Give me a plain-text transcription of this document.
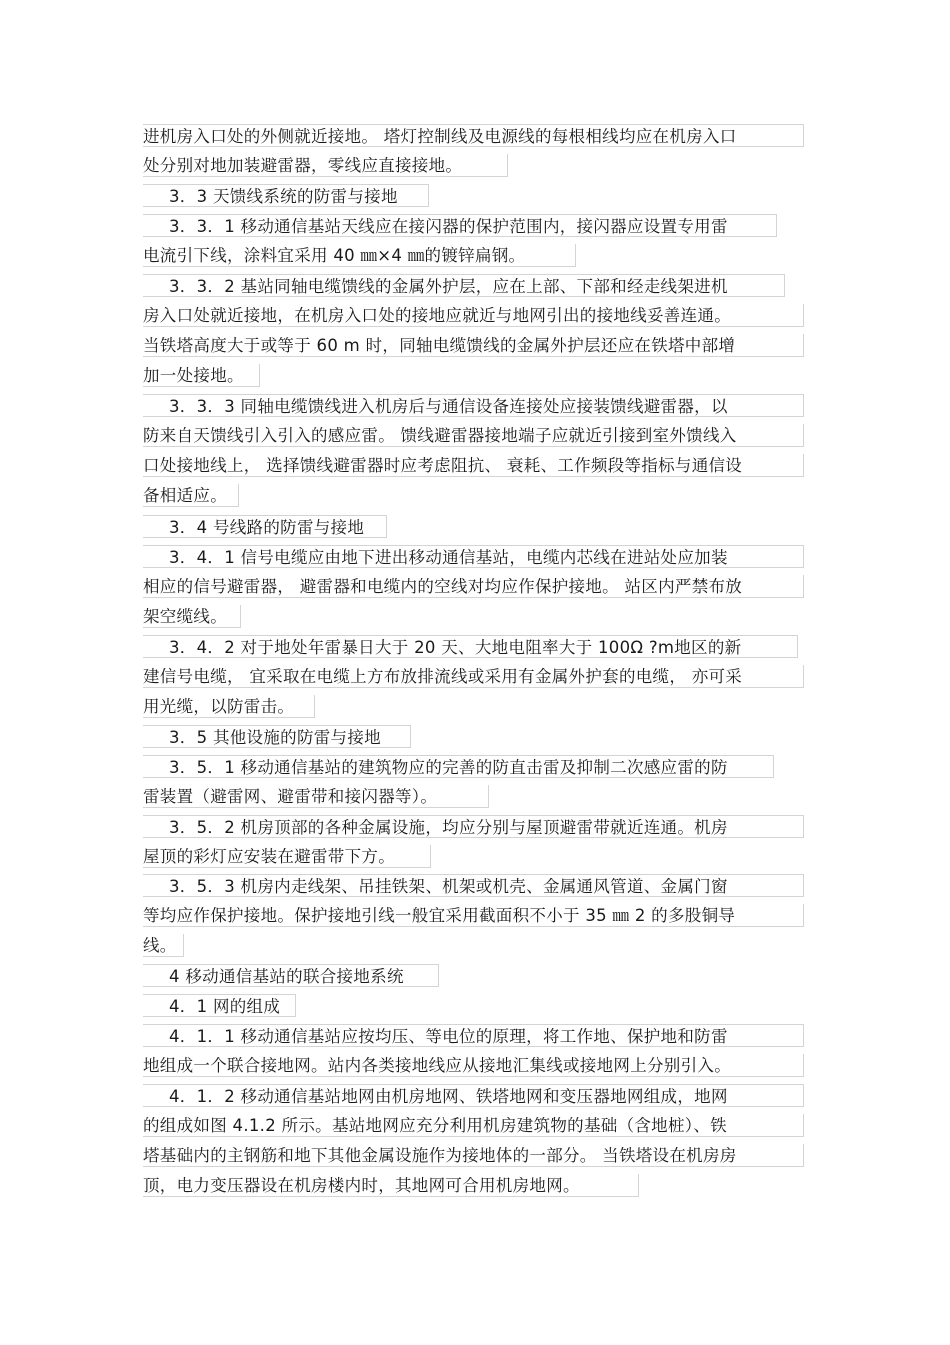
进机房入口处的外侧就近接地。 塔灯控制线及电源线的每根相线均应在机房入口
处分别对地加装避雷器，零线应直接接地。
3．3 天馈线系统的防雷与接地
3．3．1 移动通信基站天线应在接闪器的保护范围内，接闪器应设置专用雷
电流引下线，涂料宜采用 40 ㎜×4 ㎜的镀锌扁钢。
3．3．2 基站同轴电缆馈线的金属外护层，应在上部、下部和经走线架进机
房入口处就近接地，在机房入口处的接地应就近与地网引出的接地线妥善连通。
当铁塔高度大于或等于 60 m 时，同轴电缆馈线的金属外护层还应在铁塔中部增
加一处接地。
3．3．3 同轴电缆馈线进入机房后与通信设备连接处应接装馈线避雷器，以
防来自天馈线引入引入的感应雷。 馈线避雷器接地端子应就近引接到室外馈线入
口处接地线上， 选择馈线避雷器时应考虑阻抗、 衰耗、工作频段等指标与通信设
备相适应。
3．4 号线路的防雷与接地
3．4．1 信号电缆应由地下进出移动通信基站，电缆内芯线在进站处应加装
相应的信号避雷器， 避雷器和电缆内的空线对均应作保护接地。 站区内严禁布放
架空缆线。
3．4．2 对于地处年雷暴日大于 20 天、大地电阻率大于 100Ω ?m地区的新
建信号电缆， 宜采取在电缆上方布放排流线或采用有金属外护套的电缆， 亦可采
用光缆，以防雷击。
3．5 其他设施的防雷与接地
3．5．1 移动通信基站的建筑物应的完善的防直击雷及抑制二次感应雷的防
雷装置（避雷网、避雷带和接闪器等）。
3．5．2 机房顶部的各种金属设施，均应分别与屋顶避雷带就近连通。机房
屋顶的彩灯应安装在避雷带下方。
3．5．3 机房内走线架、吊挂铁架、机架或机壳、金属通风管道、金属门窗
等均应作保护接地。保护接地引线一般宜采用截面积不小于 35 ㎜ 2 的多股铜导
线。
4 移动通信基站的联合接地系统
4．1 网的组成
4．1．1 移动通信基站应按均压、等电位的原理，将工作地、保护地和防雷
地组成一个联合接地网。站内各类接地线应从接地汇集线或接地网上分别引入。
4．1．2 移动通信基站地网由机房地网、铁塔地网和变压器地网组成，地网
的组成如图 4.1.2 所示。基站地网应充分利用机房建筑物的基础（含地桩）、铁
塔基础内的主钢筋和地下其他金属设施作为接地体的一部分。 当铁塔设在机房房
顶，电力变压器设在机房楼内时，其地网可合用机房地网。
